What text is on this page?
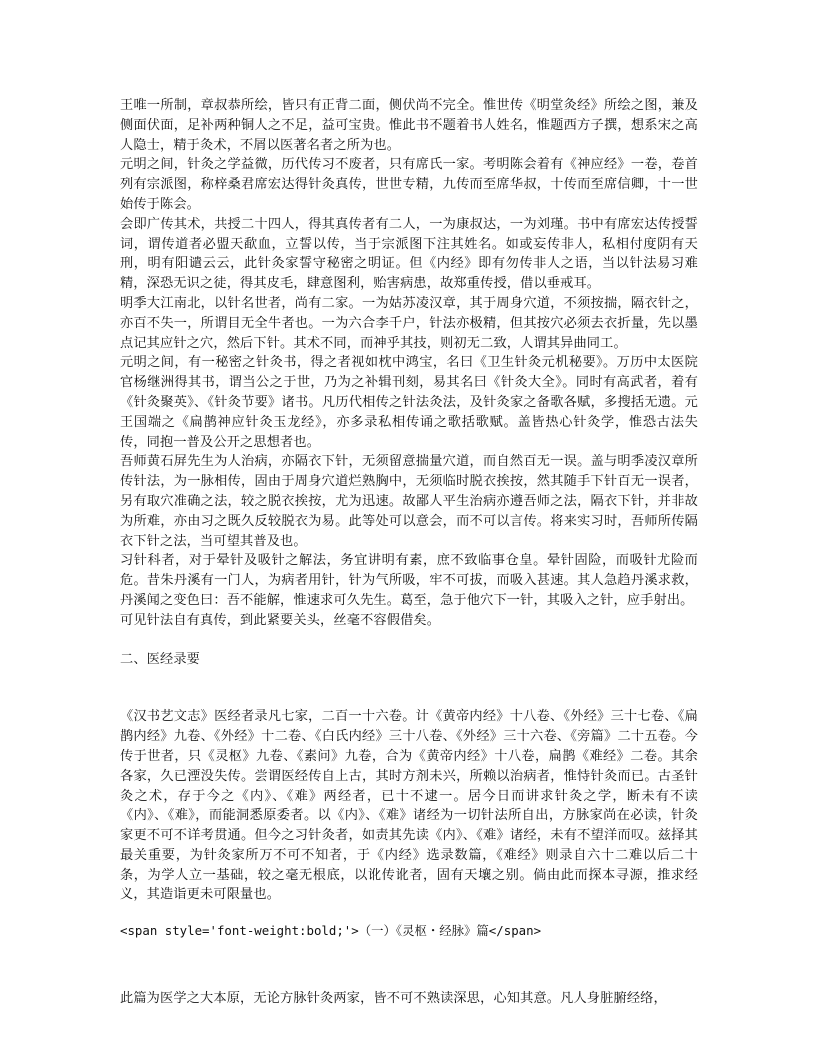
王唯一所制，章叔恭所绘，皆只有正背二面，侧伏尚不完全。惟世传《明堂灸经》所绘之图，兼及侧面伏面，足补两种铜人之不足，益可宝贵。惟此书不题着书人姓名，惟题西方子撰，想系宋之高人隐士，精于灸术，不屑以医著名者之所为也。

元明之间，针灸之学益微，历代传习不废者，只有席氏一家。考明陈会着有《神应经》一卷，卷首列有宗派图，称梓桑君席宏达得针灸真传，世世专精，九传而至席华叔，十传而至席信卿，十一世始传于陈会。

会即广传其术，共授二十四人，得其真传者有二人，一为康叔达，一为刘瑾。书中有席宏达传授誓词，谓传道者必盟天歃血，立誓以传，当于宗派图下注其姓名。如或妄传非人，私相付度阴有天刑，明有阳谴云云，此针灸家誓守秘密之明证。但《内经》即有勿传非人之语，当以针法易习难精，深恐无识之徒，得其皮毛，肆意图利，贻害病患，故郑重传授，借以垂戒耳。

明季大江南北，以针名世者，尚有二家。一为姑苏凌汉章，其于周身穴道，不须按揣，隔衣针之，亦百不失一，所谓目无全牛者也。一为六合李千户，针法亦极精，但其按穴必须去衣折量，先以墨点记其应针之穴，然后下针。其术不同，而神乎其技，则初无二致，人谓其异曲同工。

元明之间，有一秘密之针灸书，得之者视如枕中鸿宝，名曰《卫生针灸元机秘要》。万历中太医院官杨继洲得其书，谓当公之于世，乃为之补辑刊刻，易其名曰《针灸大全》。同时有高武者，着有《针灸聚英》、《针灸节要》诸书。凡历代相传之针法灸法，及针灸家之备歌各赋，多搜括无遗。元王国端之《扁鹊神应针灸玉龙经》，亦多录私相传诵之歌括歌赋。盖皆热心针灸学，惟恐古法失传，同抱一普及公开之思想者也。

吾师黄石屏先生为人治病，亦隔衣下针，无须留意揣量穴道，而自然百无一误。盖与明季凌汉章所传针法，为一脉相传，固由于周身穴道烂熟胸中，无须临时脱衣挨按，然其随手下针百无一误者，另有取穴准确之法，较之脱衣挨按，尤为迅速。故鄙人平生治病亦遵吾师之法，隔衣下针，并非故为所难，亦由习之既久反较脱衣为易。此等处可以意会，而不可以言传。将来实习时，吾师所传隔衣下针之法，当可望其普及也。

习针科者，对于晕针及吸针之解法，务宜讲明有素，庶不致临事仓皇。晕针固险，而吸针尤险而危。昔朱丹溪有一门人，为病者用针，针为气所吸，牢不可拔，而吸入甚速。其人急趋丹溪求救，丹溪闻之变色曰：吾不能解，惟速求可久先生。葛至，急于他穴下一针，其吸入之针，应手射出。

可见针法自有真传，到此紧要关头，丝毫不容假借矣。

二、医经录要

《汉书艺文志》医经者录凡七家，二百一十六卷。计《黄帝内经》十八卷、《外经》三十七卷、《扁鹊内经》九卷、《外经》十二卷、《白氏内经》三十八卷、《外经》三十六卷、《旁篇》二十五卷。今传于世者，只《灵枢》九卷、《素问》九卷，合为《黄帝内经》十八卷，扁鹊《难经》二卷。其余各家，久已湮没失传。尝谓医经传自上古，其时方剂未兴，所赖以治病者，惟恃针灸而已。古圣针灸之术，存于今之《内》、《难》两经者，已十不逮一。居今日而讲求针灸之学，断未有不读《内》、《难》，而能洞悉原委者。以《内》、《难》诸经为一切针法所自出，方脉家尚在必读，针灸家更不可不详考贯通。但今之习针灸者，如责其先读《内》、《难》诸经，未有不望洋而叹。兹择其最关重要，为针灸家所万不可不知者，于《内经》选录数篇，《难经》则录自六十二难以后二十条，为学人立一基础，较之毫无根底，以讹传讹者，固有天壤之别。倘由此而探本寻源，推求经义，其造诣更未可限量也。

<span style='font-weight:bold;'>（一）《灵枢・经脉》篇</span>

此篇为医学之大本原，无论方脉针灸两家，皆不可不熟读深思，心知其意。凡人身脏腑经络，
